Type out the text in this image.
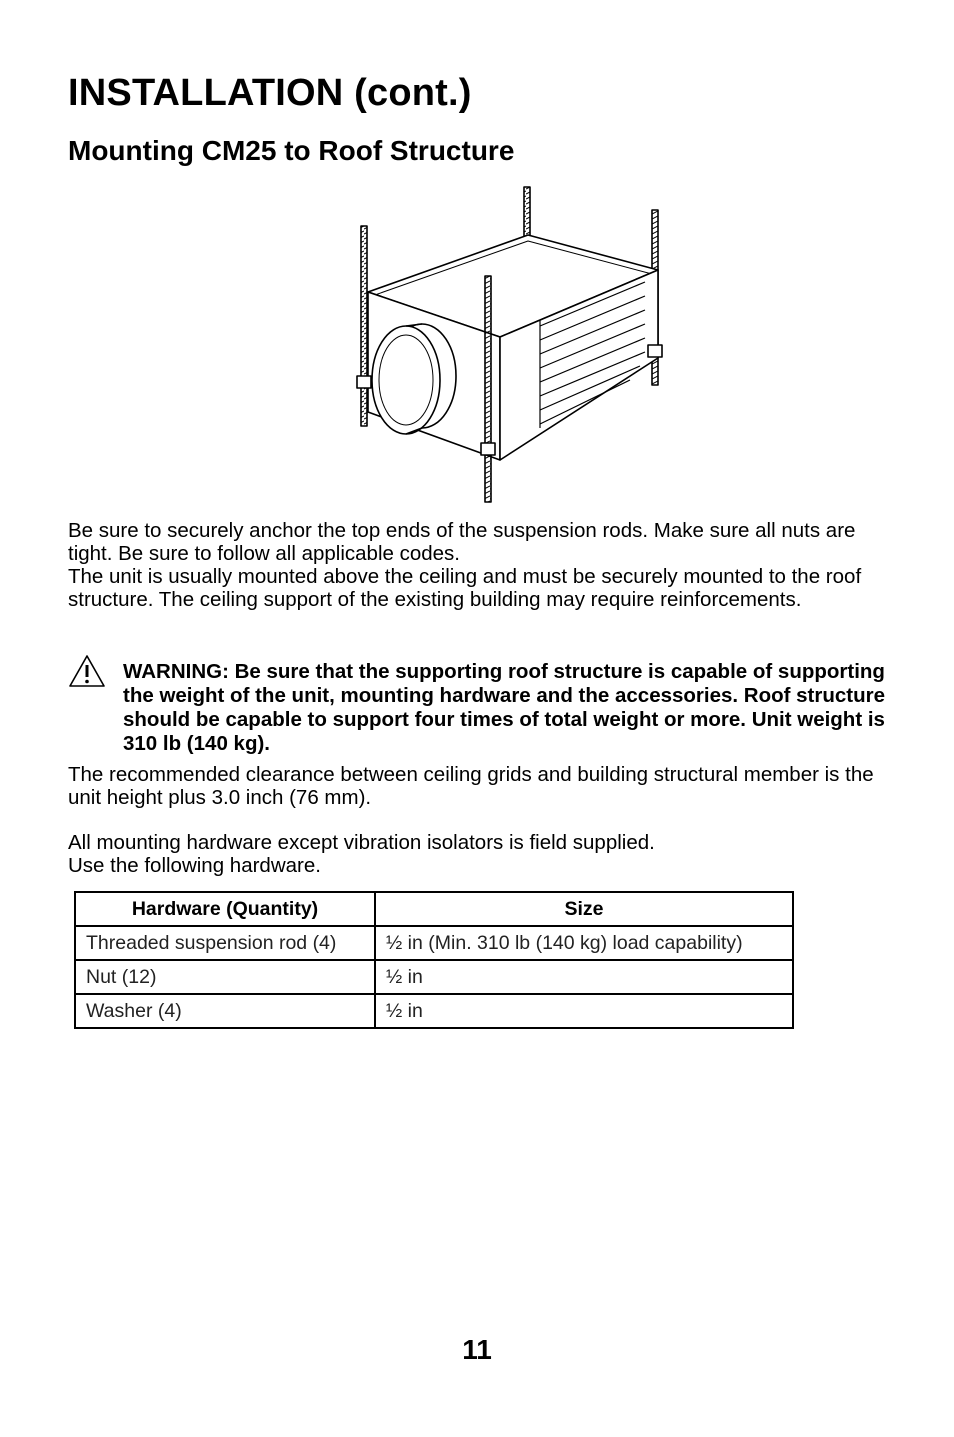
INSTALLATION (cont.)
Mounting CM25 to Roof Structure

Be sure to securely anchor the top ends of the suspension rods. Make sure all nuts are tight. Be sure to follow all applicable codes.
The unit is usually mounted above the ceiling and must be securely mounted to the roof structure. The ceiling support of the existing building may require reinforcements.

WARNING: Be sure that the supporting roof structure is capable of supporting the weight of the unit, mounting hardware and the accessories. Roof structure should be capable to support four times of total weight or more. Unit weight is 310 lb (140 kg).

The recommended clearance between ceiling grids and building structural member is the unit height plus 3.0 inch (76 mm).

All mounting hardware except vibration isolators is field supplied.
Use the following hardware.

Hardware (Quantity)	Size
Threaded suspension rod (4)	½ in (Min. 310 lb (140 kg) load capability)
Nut (12)	½ in
Washer (4)	½ in

11
